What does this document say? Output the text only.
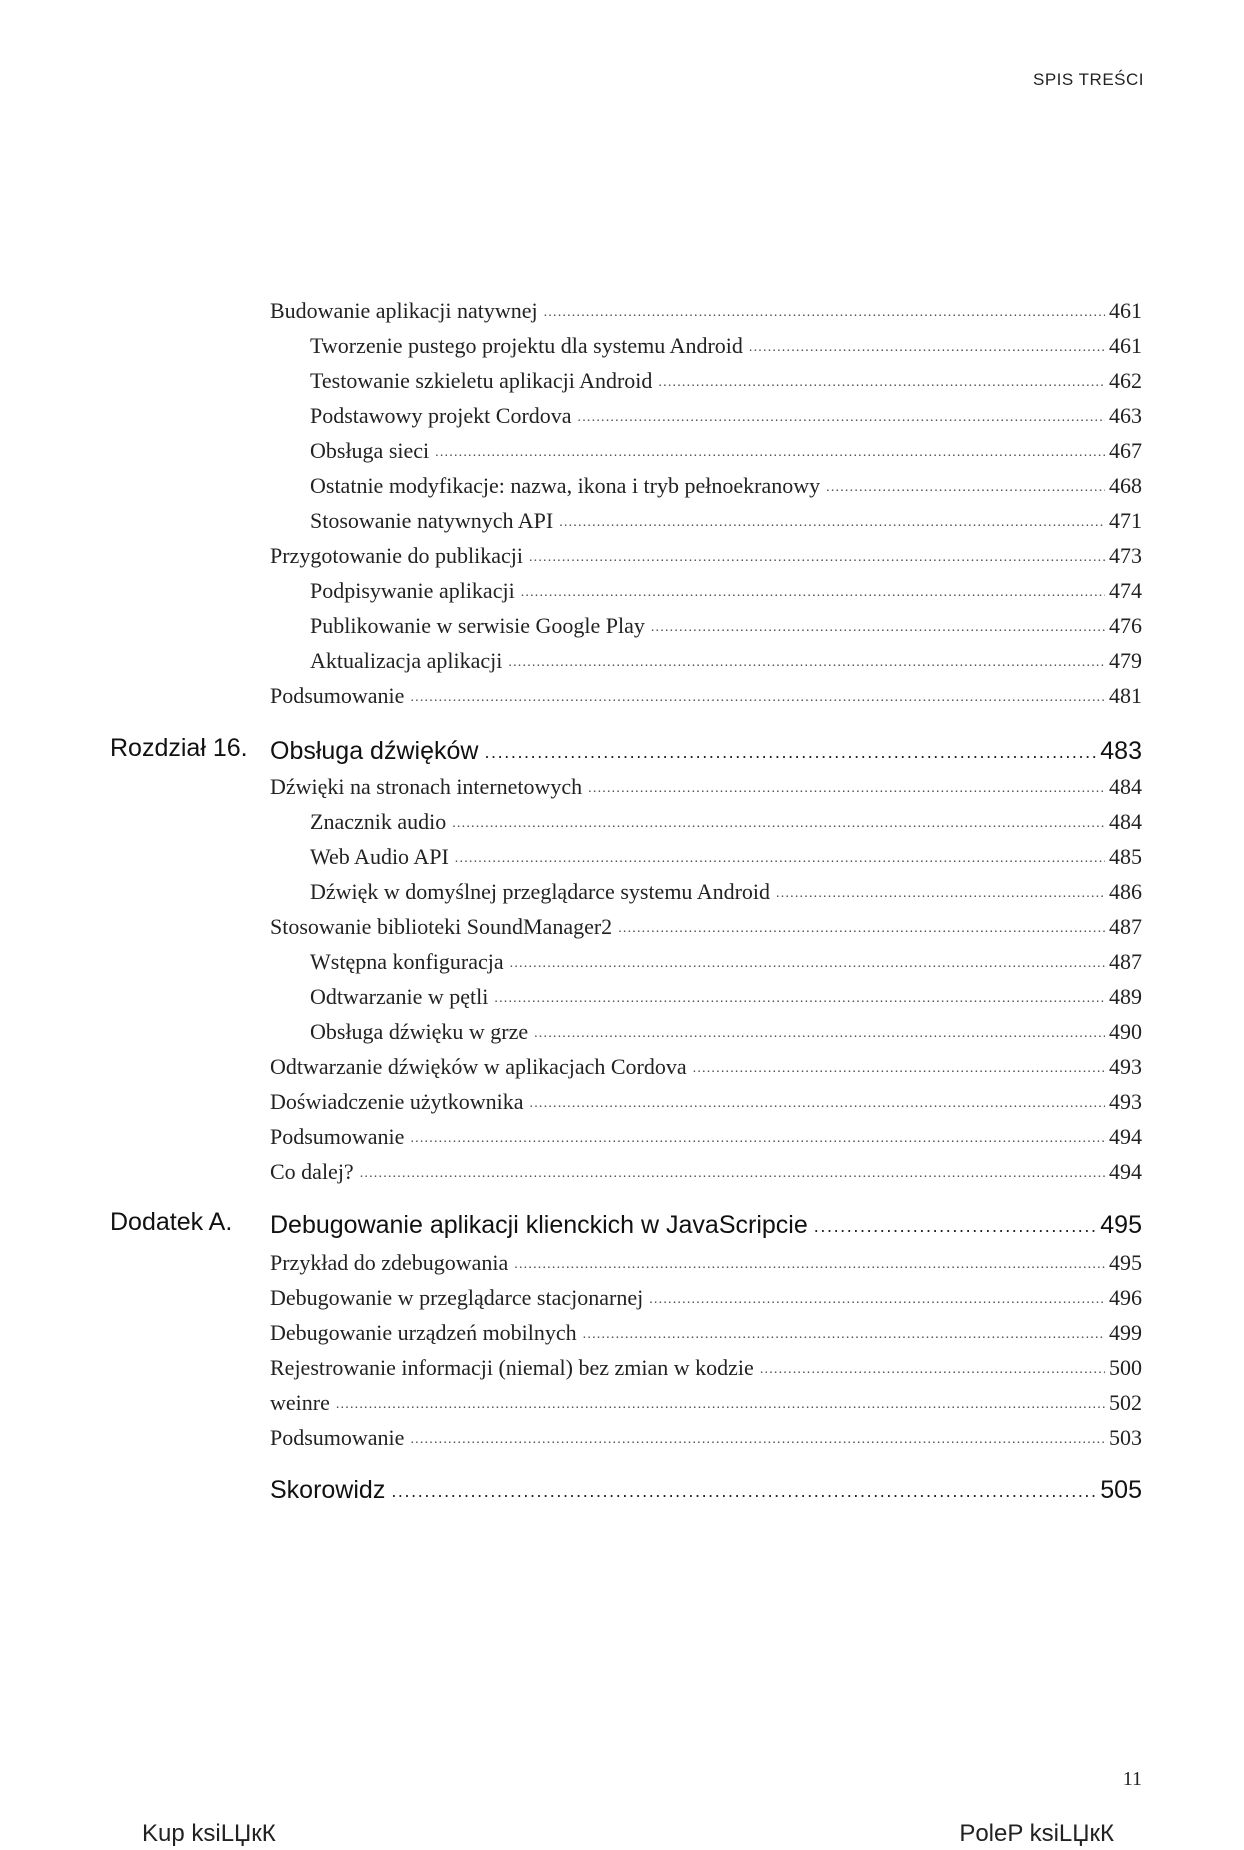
SPIS TREŚCI
Budowanie aplikacji natywnej .....	461
Tworzenie pustego projektu dla systemu Android .....	461
Testowanie szkieletu aplikacji Android .....	462
Podstawowy projekt Cordova .....	463
Obsługa sieci .....	467
Ostatnie modyfikacje: nazwa, ikona i tryb pełnoekranowy .....	468
Stosowanie natywnych API .....	471
Przygotowanie do publikacji .....	473
Podpisywanie aplikacji .....	474
Publikowanie w serwisie Google Play .....	476
Aktualizacja aplikacji .....	479
Podsumowanie .....	481
Rozdział 16. Obsługa dźwięków .....	483
Dźwięki na stronach internetowych .....	484
Znacznik audio .....	484
Web Audio API .....	485
Dźwięk w domyślnej przeglądarce systemu Android .....	486
Stosowanie biblioteki SoundManager2 .....	487
Wstępna konfiguracja .....	487
Odtwarzanie w pętli .....	489
Obsługa dźwięku w grze .....	490
Odtwarzanie dźwięków w aplikacjach Cordova .....	493
Doświadczenie użytkownika .....	493
Podsumowanie .....	494
Co dalej? .....	494
Dodatek A. Debugowanie aplikacji klienckich w JavaScripcie .....	495
Przykład do zdebugowania .....	495
Debugowanie w przeglądarce stacjonarnej .....	496
Debugowanie urządzeń mobilnych .....	499
Rejestrowanie informacji (niemal) bez zmian w kodzie .....	500
weinre .....	502
Podsumowanie .....	503
Skorowidz .....	505
11
Kup ksiLЏкК	PoleP ksiLЏкК
